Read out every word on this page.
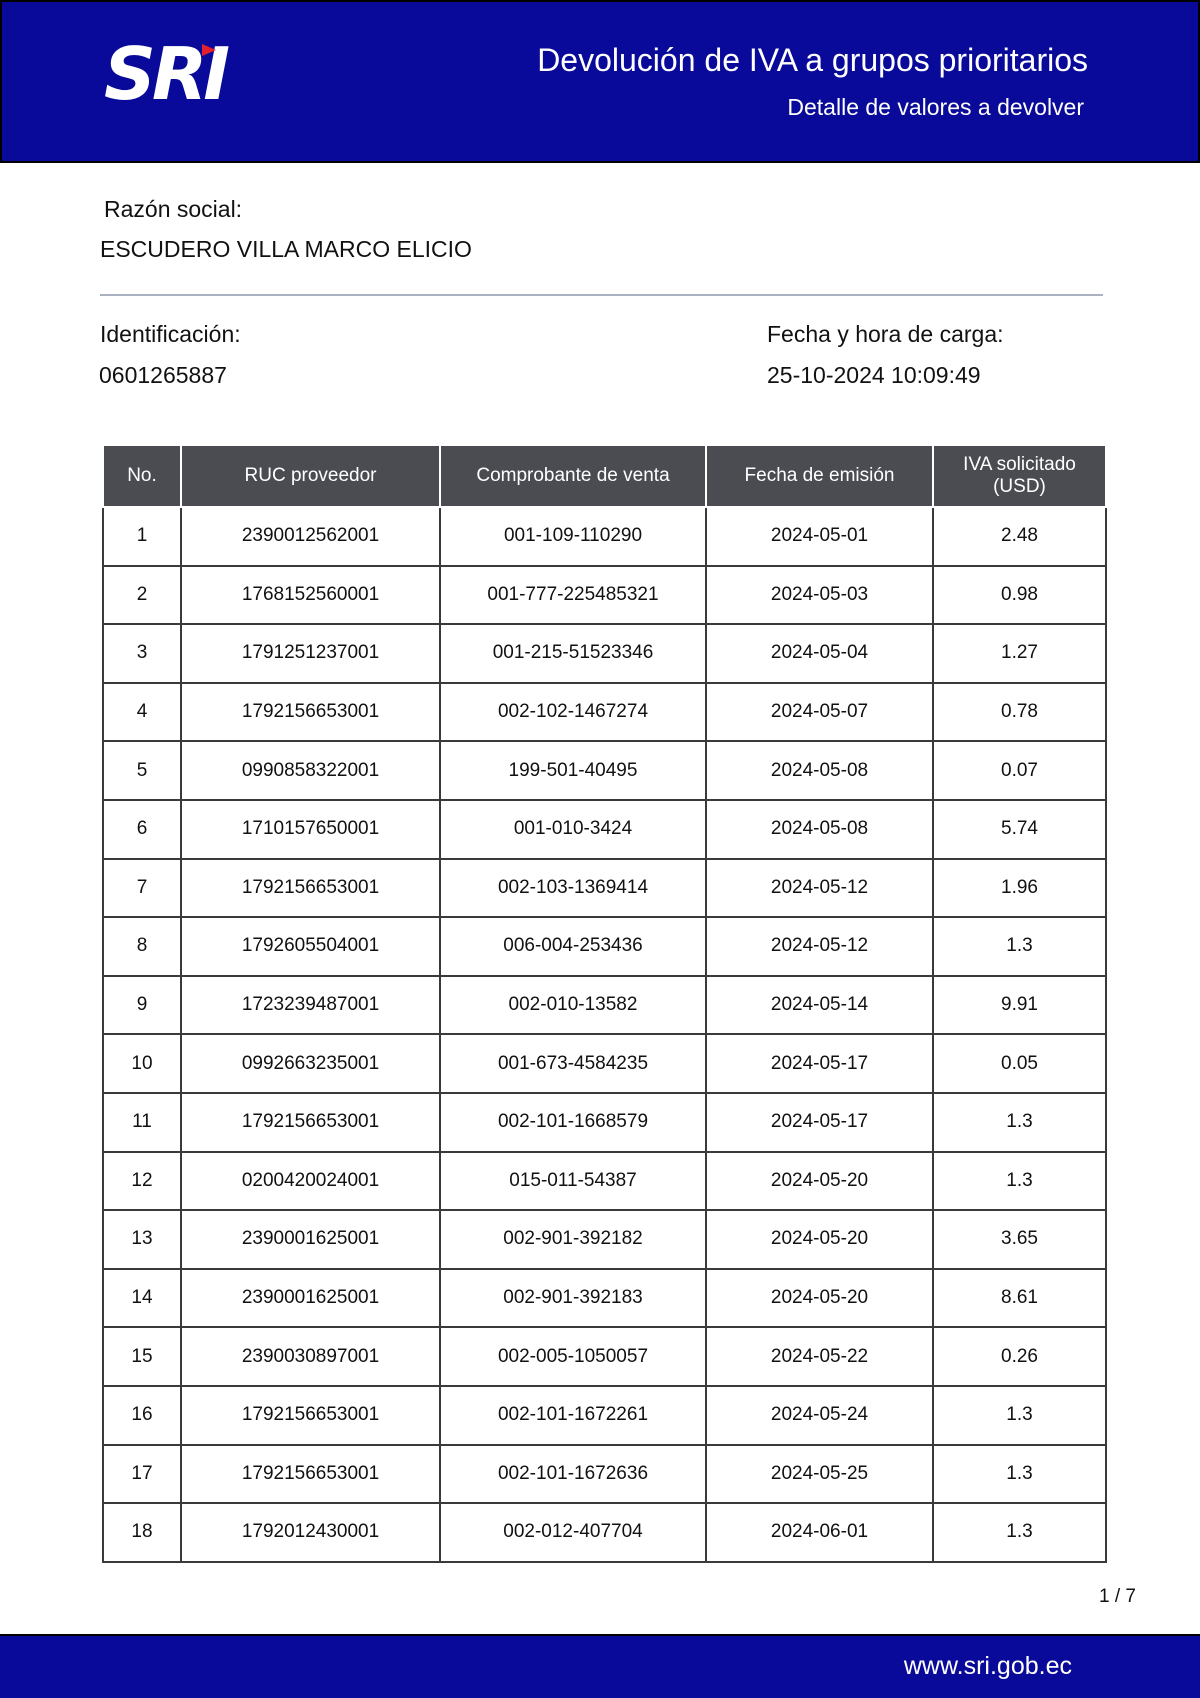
SRI	Devolución de IVA a grupos prioritarios
Detalle de valores a devolver
Razón social:
ESCUDERO VILLA MARCO ELICIO
Identificación:
0601265887
Fecha y hora de carga:
25-10-2024 10:09:49
No.	RUC proveedor	Comprobante de venta	Fecha de emisión	IVA solicitado (USD)
1	2390012562001	001-109-110290	2024-05-01	2.48
2	1768152560001	001-777-225485321	2024-05-03	0.98
3	1791251237001	001-215-51523346	2024-05-04	1.27
4	1792156653001	002-102-1467274	2024-05-07	0.78
5	0990858322001	199-501-40495	2024-05-08	0.07
6	1710157650001	001-010-3424	2024-05-08	5.74
7	1792156653001	002-103-1369414	2024-05-12	1.96
8	1792605504001	006-004-253436	2024-05-12	1.3
9	1723239487001	002-010-13582	2024-05-14	9.91
10	0992663235001	001-673-4584235	2024-05-17	0.05
11	1792156653001	002-101-1668579	2024-05-17	1.3
12	0200420024001	015-011-54387	2024-05-20	1.3
13	2390001625001	002-901-392182	2024-05-20	3.65
14	2390001625001	002-901-392183	2024-05-20	8.61
15	2390030897001	002-005-1050057	2024-05-22	0.26
16	1792156653001	002-101-1672261	2024-05-24	1.3
17	1792156653001	002-101-1672636	2024-05-25	1.3
18	1792012430001	002-012-407704	2024-06-01	1.3
1 / 7
www.sri.gob.ec
